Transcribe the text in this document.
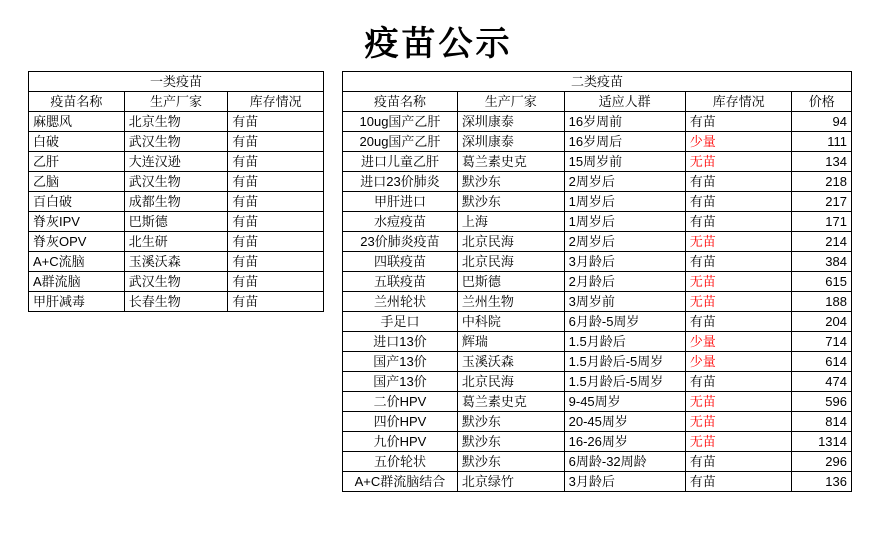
疫苗公示
一类疫苗		
疫苗名称	生产厂家	库存情况
麻腮风	北京生物	有苗
白破	武汉生物	有苗
乙肝	大连汉逊	有苗
乙脑	武汉生物	有苗
百白破	成都生物	有苗
脊灰IPV	巴斯德	有苗
脊灰OPV	北生研	有苗
A+C流脑	玉溪沃森	有苗
A群流脑	武汉生物	有苗
甲肝减毒	长春生物	有苗
二类疫苗				
疫苗名称	生产厂家	适应人群	库存情况	价格
10ug国产乙肝	深圳康泰	16岁周前	有苗	94
20ug国产乙肝	深圳康泰	16岁周后	少量	111
进口儿童乙肝	葛兰素史克	15周岁前	无苗	134
进口23价肺炎	默沙东	2周岁后	有苗	218
甲肝进口	默沙东	1周岁后	有苗	217
水痘疫苗	上海	1周岁后	有苗	171
23价肺炎疫苗	北京民海	2周岁后	无苗	214
四联疫苗	北京民海	3月龄后	有苗	384
五联疫苗	巴斯德	2月龄后	无苗	615
兰州轮状	兰州生物	3周岁前	无苗	188
手足口	中科院	6月龄-5周岁	有苗	204
进口13价	辉瑞	1.5月龄后	少量	714
国产13价	玉溪沃森	1.5月龄后-5周岁	少量	614
国产13价	北京民海	1.5月龄后-5周岁	有苗	474
二价HPV	葛兰素史克	9-45周岁	无苗	596
四价HPV	默沙东	20-45周岁	无苗	814
九价HPV	默沙东	16-26周岁	无苗	1314
五价轮状	默沙东	6周龄-32周龄	有苗	296
A+C群流脑结合	北京绿竹	3月龄后	有苗	136
